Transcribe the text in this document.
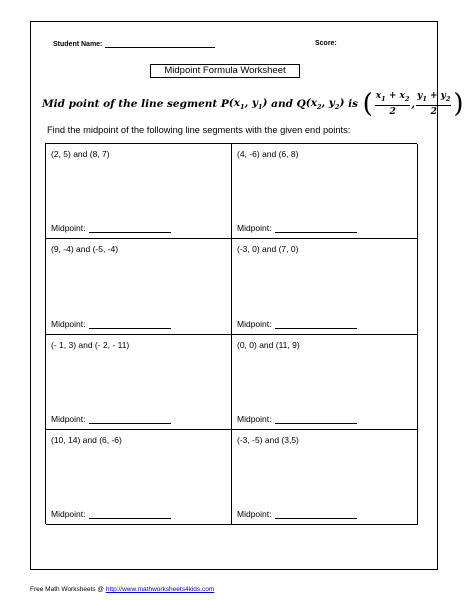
Student Name:	Score:
Midpoint Formula Worksheet
Mid point of the line segment
P ($x_1$, $y_1$)
and
Q ($x_2$, $y_2$)
is
( $\frac{x_1 + x_2}{2}$ , $\frac{y_1 + y_2}{2}$ )
Find the midpoint of the following line segments with the given end points:
(2, 5) and (8, 7)
Midpoint:
(4, -6) and (6, 8)
Midpoint:
(9, -4) and (-5, -4)
Midpoint:
(-3, 0) and (7, 0)
Midpoint:
(- 1, 3) and (- 2, - 11)
Midpoint:
(0, 0) and (11, 9)
Midpoint:
(10, 14) and (6, -6)
Midpoint:
(-3, -5) and (3,5)
Midpoint:
Free Math Worksheets @ http://www.mathworksheets4kids.com
